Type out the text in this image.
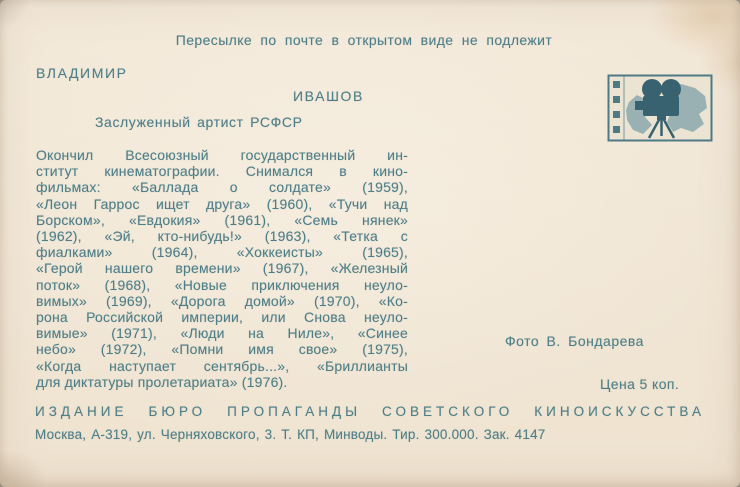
Пересылке по почте в открытом виде не подлежит
ВЛАДИМИР
ИВАШОВ
Заслуженный артист РСФСР
Окончил Всесоюзный государственный ин-
ститут кинематографии. Снимался в кино-
фильмах: «Баллада о солдате» (1959),
«Леон Гаррос ищет друга» (1960), «Тучи над
Борском», «Евдокия» (1961), «Семь нянек»
(1962), «Эй, кто-нибудь!» (1963), «Тетка с
фиалками» (1964), «Хоккеисты» (1965),
«Герой нашего времени» (1967), «Железный
поток» (1968), «Новые приключения неуло-
вимых» (1969), «Дорога домой» (1970), «Ко-
рона Российской империи, или Снова неуло-
вимые» (1971), «Люди на Ниле», «Синее
небо» (1972), «Помни имя свое» (1975),
«Когда наступает сентябрь...», «Бриллианты
для диктатуры пролетариата» (1976).
Фото В. Бондарева
Цена 5 коп.
ИЗДАНИЕ БЮРО ПРОПАГАНДЫ СОВЕТСКОГО КИНОИСКУССТВА
Москва, А-319, ул. Черняховского, 3. Т. КП, Минводы. Тир. 300.000. Зак. 4147
